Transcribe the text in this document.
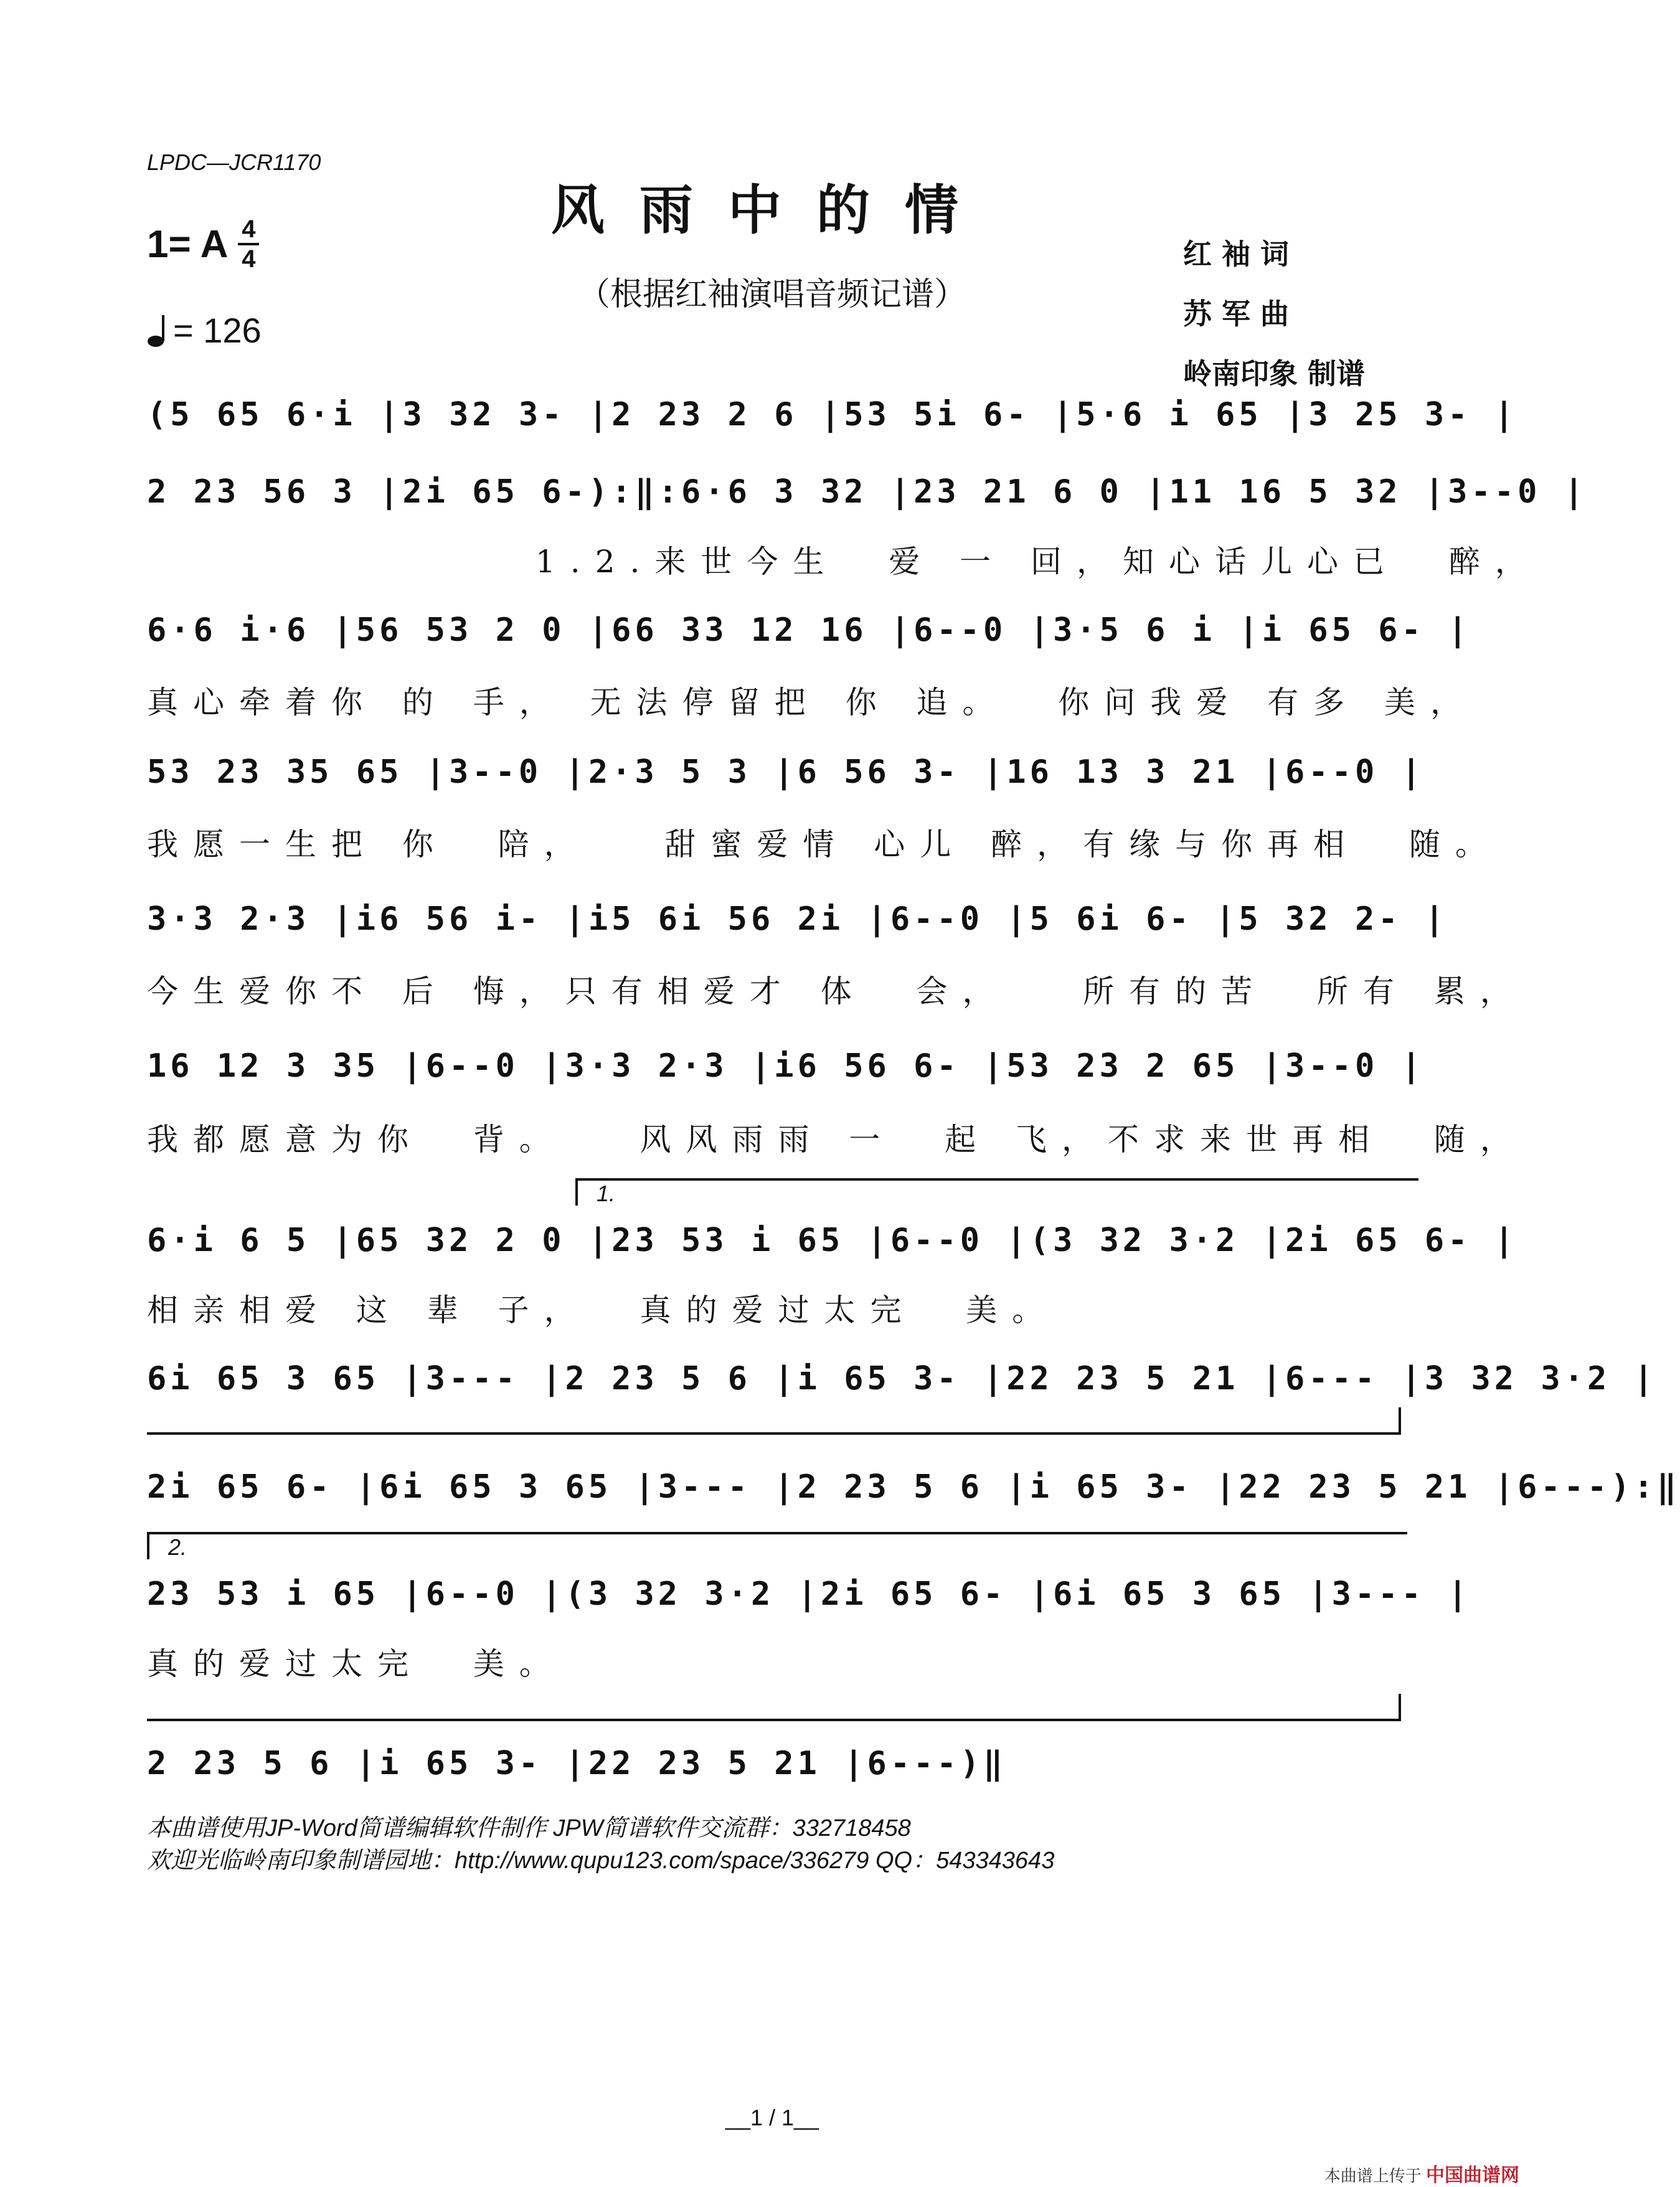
LPDC—JCR1170
风雨中的情
（根据红袖演唱音频记谱）
1= A $\frac{4}{4}$
= 126
红 袖 词
苏 军 曲
岭南印象 制谱
(5 65 6·i |3 32 3- |2 23 2 6 |53 5i 6- |5·6 i 65 |3 25 3- |
2 23 56 3 |2i 65 6-):‖:6·6 3 32 |23 21 6 0 |11 16 5 32 |3--0 |
1.2.来世今生  爱 一 回，知心话儿心已  醉，
6·6 i·6 |56 53 2 0 |66 33 12 16 |6--0 |3·5 6 i |i 65 6- |
真心牵着你 的 手， 无法停留把 你 追。  你问我爱 有多 美，
53 23 35 65 |3--0 |2·3 5 3 |6 56 3- |16 13 3 21 |6--0 |
我愿一生把 你  陪，   甜蜜爱情 心儿 醉，有缘与你再相  随。
3·3 2·3 |i6 56 i- |i5 6i 56 2i |6--0 |5 6i 6- |5 32 2- |
今生爱你不 后 悔，只有相爱才 体  会，   所有的苦  所有 累，
16 12 3 35 |6--0 |3·3 2·3 |i6 56 6- |53 23 2 65 |3--0 |
我都愿意为你  背。   风风雨雨 一  起 飞，不求来世再相  随，
1.
6·i 6 5 |65 32 2 0 |23 53 i 65 |6--0 |(3 32 3·2 |2i 65 6- |
相亲相爱 这 辈 子，  真的爱过太完  美。
6i 65 3 65 |3--- |2 23 5 6 |i 65 3- |22 23 5 21 |6--- |3 32 3·2 |
2i 65 6- |6i 65 3 65 |3--- |2 23 5 6 |i 65 3- |22 23 5 21 |6---):‖
2.
23 53 i 65 |6--0 |(3 32 3·2 |2i 65 6- |6i 65 3 65 |3--- |
真的爱过太完  美。
2 23 5 6 |i 65 3- |22 23 5 21 |6---)‖
本曲谱使用JP-Word简谱编辑软件制作 JPW简谱软件交流群：332718458
欢迎光临岭南印象制谱园地：http://www.qupu123.com/space/336279 QQ：543343643
__1 / 1__
本曲谱上传于 中国曲谱网
